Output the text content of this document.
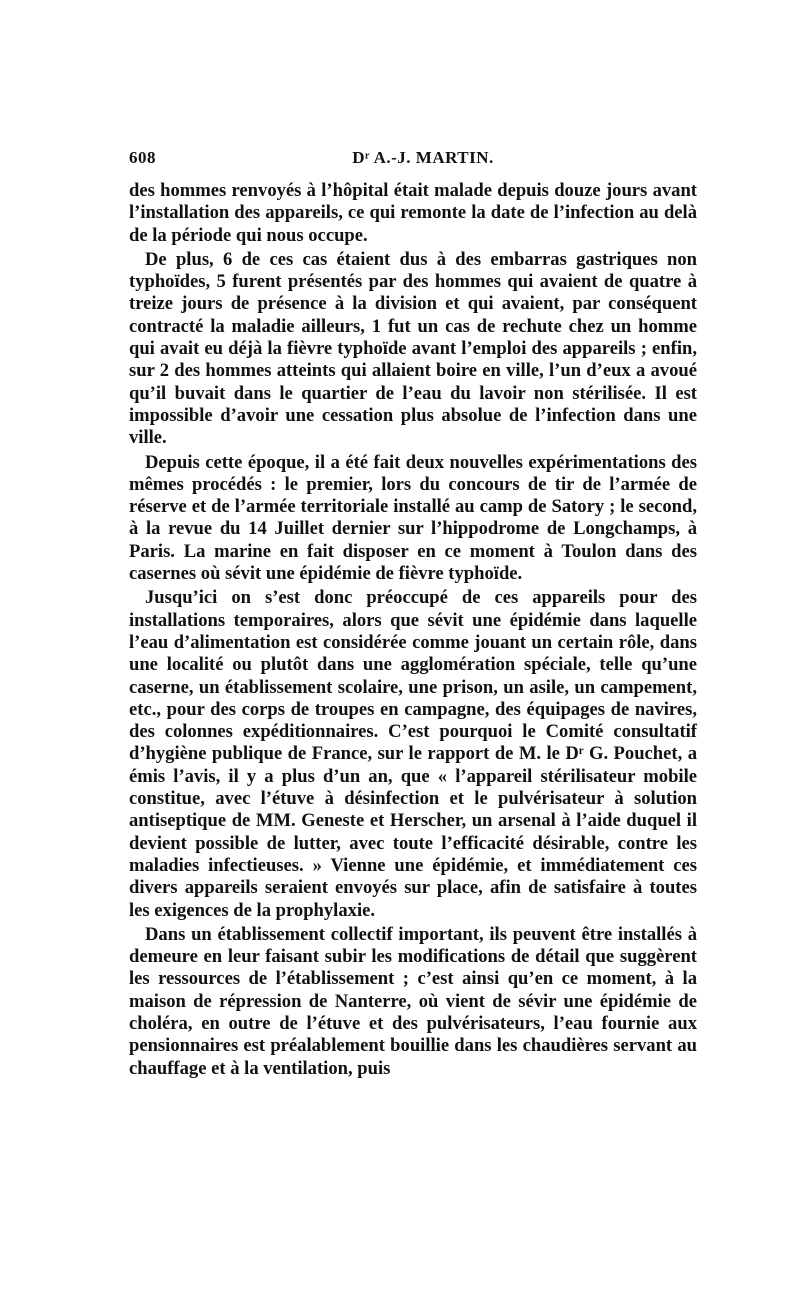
608	Dʳ A.-J. MARTIN.

des hommes renvoyés à l’hôpital était malade depuis douze jours avant l’installation des appareils, ce qui remonte la date de l’infection au delà de la période qui nous occupe.

De plus, 6 de ces cas étaient dus à des embarras gastriques non typhoïdes, 5 furent présentés par des hommes qui avaient de quatre à treize jours de présence à la division et qui avaient, par conséquent contracté la maladie ailleurs, 1 fut un cas de rechute chez un homme qui avait eu déjà la fièvre typhoïde avant l’emploi des appareils ; enfin, sur 2 des hommes atteints qui allaient boire en ville, l’un d’eux a avoué qu’il buvait dans le quartier de l’eau du lavoir non stérilisée. Il est impossible d’avoir une cessation plus absolue de l’infection dans une ville.

Depuis cette époque, il a été fait deux nouvelles expérimentations des mêmes procédés : le premier, lors du concours de tir de l’armée de réserve et de l’armée territoriale installé au camp de Satory ; le second, à la revue du 14 Juillet dernier sur l’hippodrome de Longchamps, à Paris. La marine en fait disposer en ce moment à Toulon dans des casernes où sévit une épidémie de fièvre typhoïde.

Jusqu’ici on s’est donc préoccupé de ces appareils pour des installations temporaires, alors que sévit une épidémie dans laquelle l’eau d’alimentation est considérée comme jouant un certain rôle, dans une localité ou plutôt dans une agglomération spéciale, telle qu’une caserne, un établissement scolaire, une prison, un asile, un campement, etc., pour des corps de troupes en campagne, des équipages de navires, des colonnes expéditionnaires. C’est pourquoi le Comité consultatif d’hygiène publique de France, sur le rapport de M. le Dʳ G. Pouchet, a émis l’avis, il y a plus d’un an, que « l’appareil stérilisateur mobile constitue, avec l’étuve à désinfection et le pulvérisateur à solution antiseptique de MM. Geneste et Herscher, un arsenal à l’aide duquel il devient possible de lutter, avec toute l’efficacité désirable, contre les maladies infectieuses. » Vienne une épidémie, et immédiatement ces divers appareils seraient envoyés sur place, afin de satisfaire à toutes les exigences de la prophylaxie.

Dans un établissement collectif important, ils peuvent être installés à demeure en leur faisant subir les modifications de détail que suggèrent les ressources de l’établissement ; c’est ainsi qu’en ce moment, à la maison de répression de Nanterre, où vient de sévir une épidémie de choléra, en outre de l’étuve et des pulvérisateurs, l’eau fournie aux pensionnaires est préalablement bouillie dans les chaudières servant au chauffage et à la ventilation, puis
